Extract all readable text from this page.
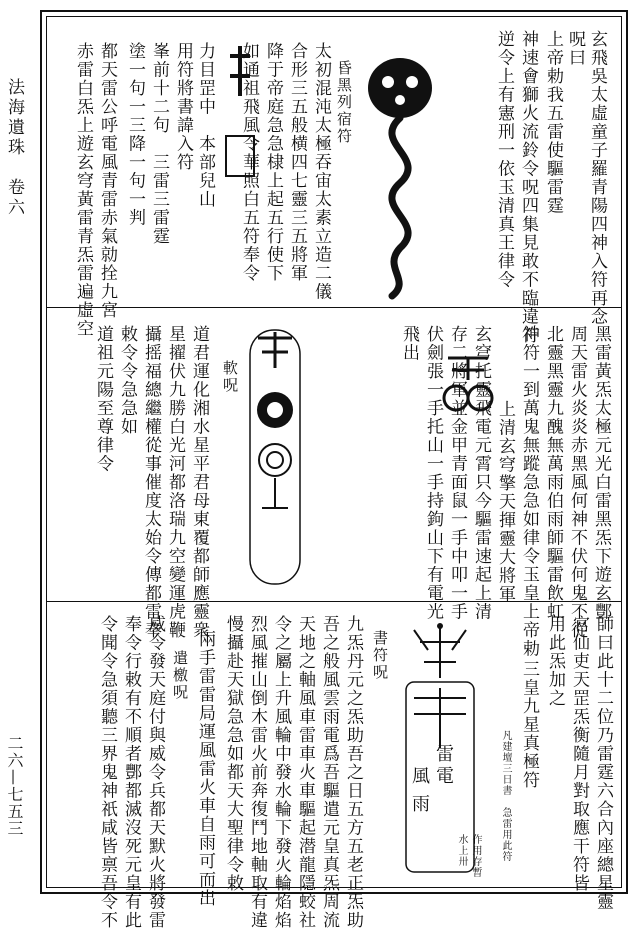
法海遺珠　卷六
二六—七五三
玄飛吳太虛童子羅青陽四神入符再念
呪曰
上帝勅我五雷使驅雷霆
神速會獅火流鈴令呪四集見敢不臨違符
逆令上有憲刑一依玉清真王律令
昏黑列宿符
太初混沌太極吞宙太素立造二儀
合形三五般横四七靈三五將軍
降于帝庭急急棣上起五行使下
如通祖飛風令華照白五符奉令
力目罡中　本部兒山
用符將書諱入符
峯前十二句　三雷三雷霆
塗一句一三降一句一判
都天雷公呼電風青雷赤氣勍拴九宮
赤雷白炁上遊玄穹黃雷青炁雷遍虛空
黑雷黃炁太極元光白雷黑炁下遊玄酆
周天雷火炎炎赤黑風何神不伏何鬼不從
北靈黑靈九醜無萬雨伯雨師驅雷飲虹
神符一到萬鬼無蹤急急如律令玉皇上帝勅
上清玄穹擎天揮靈大將軍
玄穹托靈飛電元霄只今驅雷速起上清
存二將軍並金甲青面鼠一手中叩一手
伏劍張一手托山一手持鉤山下有電光
飛出
軟呪
道君運化湘水星平君母東覆都師應靈衆
星擢伏九勝白光河都洛瑞九空變運虎鞭
攝摇福總繼權從事催度太始令傳都雷奉
敕令令急急如
道祖元陽至尊律令
師曰此十二位乃雷霆六合內座總星靈
官仙吏天罡炁衡隨月對取應干符皆
用此炁加之
三皇九星真極符
凡建壇三日書　急雷用此符
作用存暫
水上卅
雷
電
風
雨
書符呪
九炁丹元之炁助吾之日五方五老正炁助
吾之般風雲雨電爲吾驅遣元皇真炁周流
天地之軸風車雷車火車驅起潜龍隱蛟社
令之屬上升風輪中發水輪下發火輪焰焰
烈風摧山倒木雷火前奔復鬥地軸取有違
慢攝赴天獄急急如都天大聖律令敕
兩手雷雷局運風雷火車自雨可而出
遣檄呪
威令發天庭付與威令兵都天默火將發雷
奉令行敕有不順者酆都滅沒死元皇有此
令聞令急須聽三界鬼神祇咸皆禀吾令不
